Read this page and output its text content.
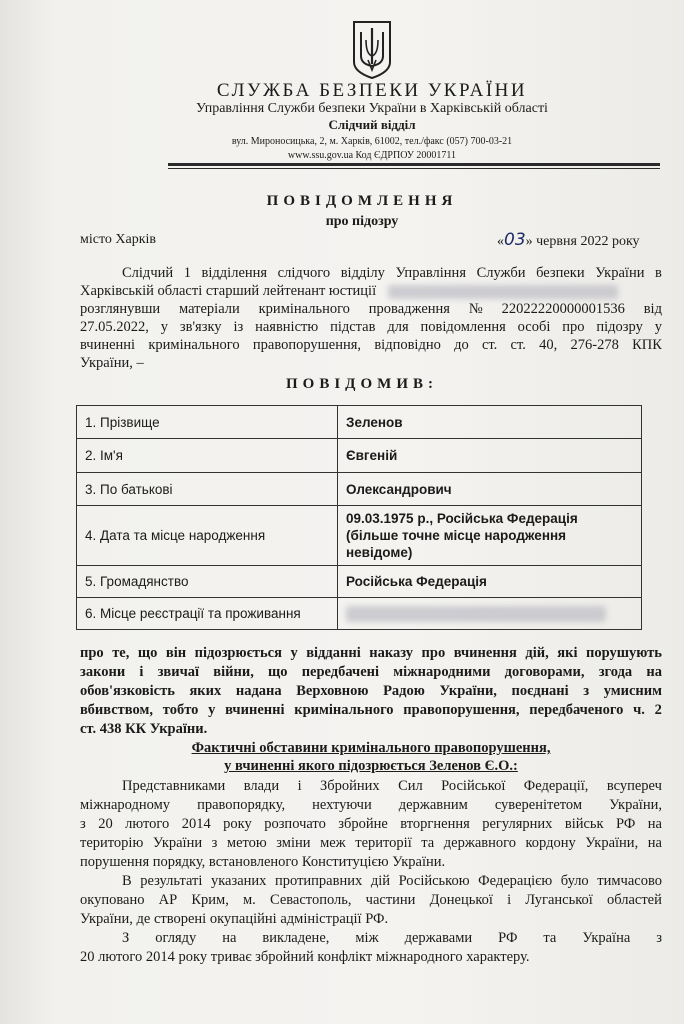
СЛУЖБА БЕЗПЕКИ УКРАЇНИ
Управління Служби безпеки України в Харківській області
Слідчий відділ
вул. Мироносицька, 2, м. Харків, 61002, тел./факс (057) 700-03-21
www.ssu.gov.ua Код ЄДРПОУ 20001711
ПОВІДОМЛЕННЯ
про підозру
місто Харків	«03» червня 2022 року
Слідчий 1 відділення слідчого відділу Управління Служби безпеки України в
Харківській області старший лейтенант юстиції
розглянувши матеріали кримінального провадження № 22022220000001536 від
27.05.2022, у зв'язку із наявністю підстав для повідомлення особі про підозру у
вчиненні кримінального правопорушення, відповідно до ст. ст. 40, 276-278 КПК
України, –
ПОВІДОМИВ:
1. Прізвище	Зеленов
2. Ім'я	Євгеній
3. По батькові	Олександрович
4. Дата та місце народження	09.03.1975 р., Російська Федерація
(більше точне місце народження
невідоме)

5. Громадянство	Російська Федерація
6. Місце реєстрації та проживання	
про те, що він підозрюється у відданні наказу про вчинення дій, які порушують
закони і звичаї війни, що передбачені міжнародними договорами, згода на
обов'язковість яких надана Верховною Радою України, поєднані з умисним
вбивством, тобто у вчиненні кримінального правопорушення, передбаченого ч. 2
ст. 438 КК України.
Фактичні обставини кримінального правопорушення,
у вчиненні якого підозрюється Зеленов Є.О.:
Представниками влади і Збройних Сил Російської Федерації, всупереч
міжнародному правопорядку, нехтуючи державним суверенітетом України,
з 20 лютого 2014 року розпочато збройне вторгнення регулярних військ РФ на
територію України з метою зміни меж території та державного кордону України, на
порушення порядку, встановленого Конституцією України.
В результаті указаних протиправних дій Російською Федерацією було тимчасово
окуповано АР Крим, м. Севастополь, частини Донецької і Луганської областей
України, де створені окупаційні адміністрації РФ.
З огляду на викладене, між державами РФ та Україна з
20 лютого 2014 року триває збройний конфлікт міжнародного характеру.
